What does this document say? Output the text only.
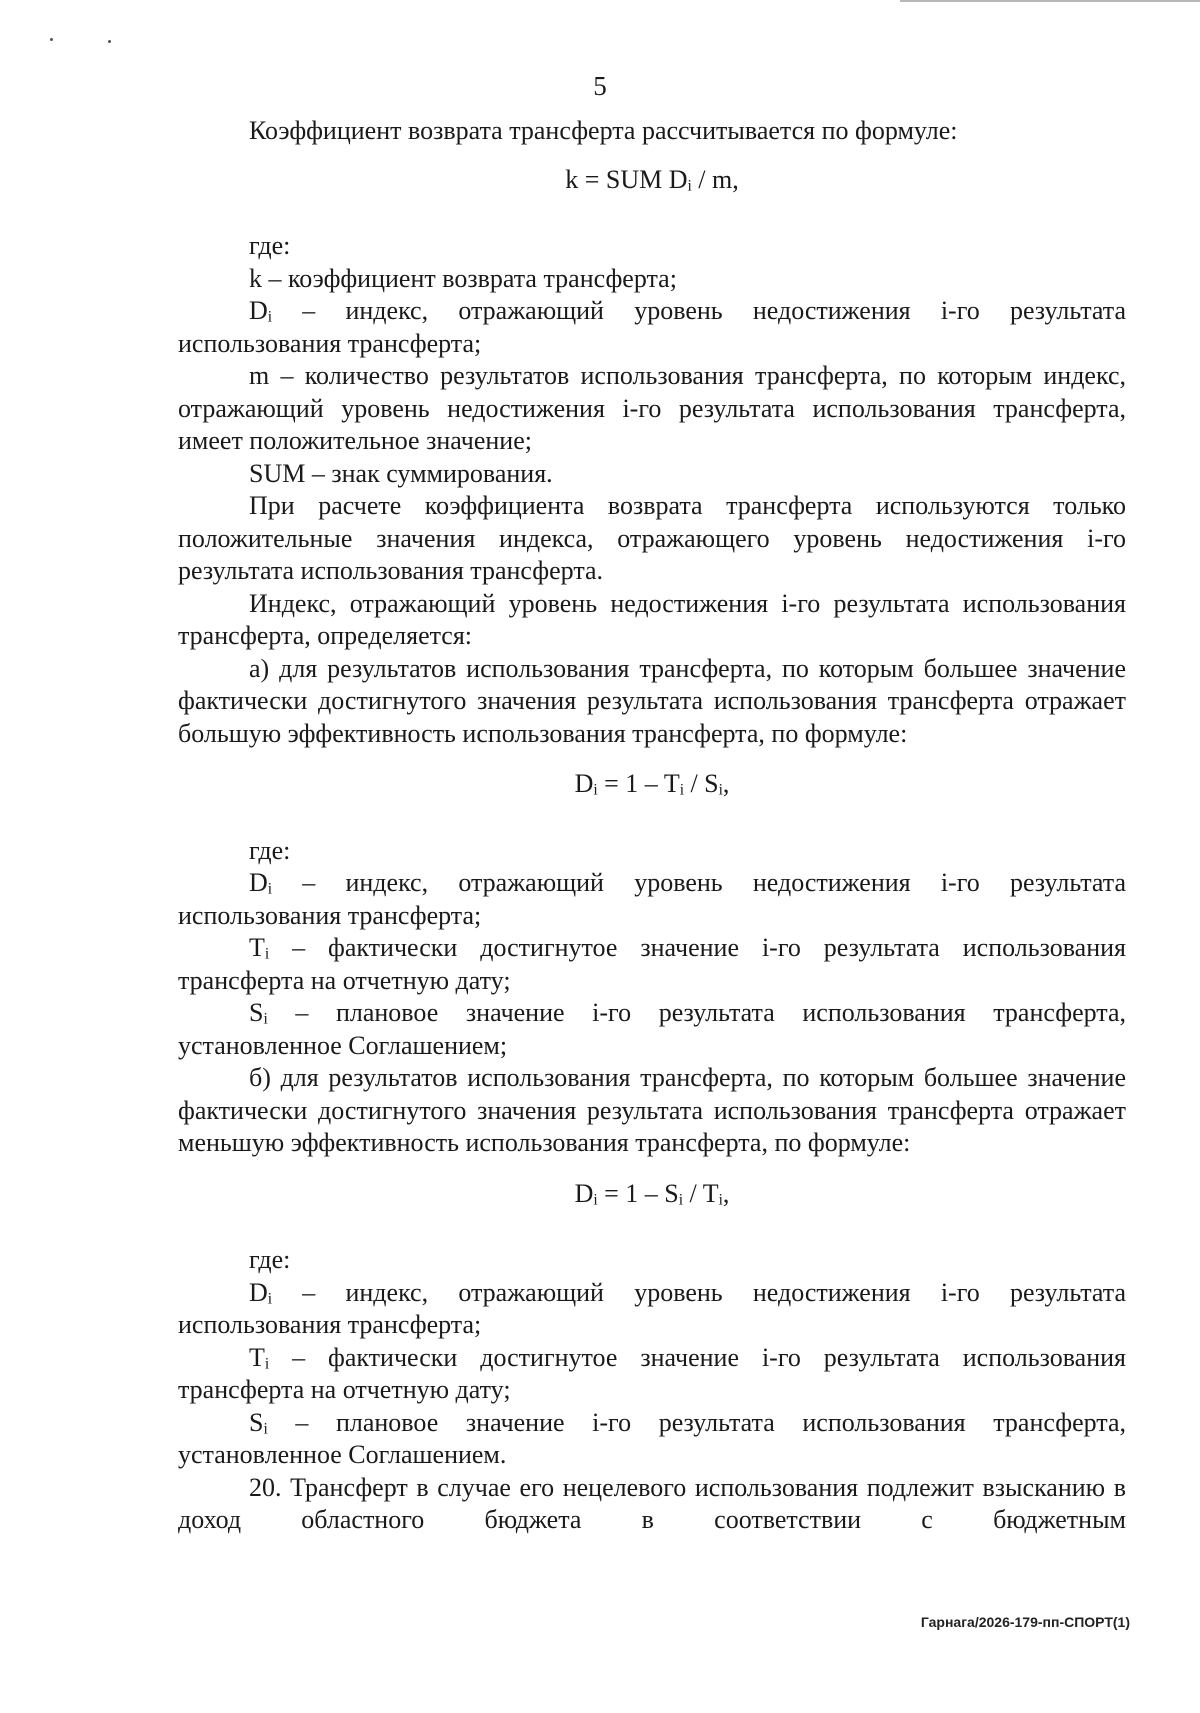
5

Коэффициент возврата трансферта рассчитывается по формуле:

k = SUM Dᵢ / m,

где:

k – коэффициент возврата трансферта;

Dᵢ – индекс, отражающий уровень недостижения i-го результата использования трансферта;

m – количество результатов использования трансферта, по которым индекс, отражающий уровень недостижения i-го результата использования трансферта, имеет положительное значение;

SUM – знак суммирования.

При расчете коэффициента возврата трансферта используются только положительные значения индекса, отражающего уровень недостижения i-го результата использования трансферта.

Индекс, отражающий уровень недостижения i-го результата использования трансферта, определяется:

а) для результатов использования трансферта, по которым большее значение фактически достигнутого значения результата использования трансферта отражает большую эффективность использования трансферта, по формуле:

Dᵢ = 1 – Tᵢ / Sᵢ,

где:

Dᵢ – индекс, отражающий уровень недостижения i-го результата использования трансферта;

Tᵢ – фактически достигнутое значение i-го результата использования трансферта на отчетную дату;

Sᵢ – плановое значение i-го результата использования трансферта, установленное Соглашением;

б) для результатов использования трансферта, по которым большее значение фактически достигнутого значения результата использования трансферта отражает меньшую эффективность использования трансферта, по формуле:

Dᵢ = 1 – Sᵢ / Tᵢ,

где:

Dᵢ – индекс, отражающий уровень недостижения i-го результата использования трансферта;

Tᵢ – фактически достигнутое значение i-го результата использования трансферта на отчетную дату;

Sᵢ – плановое значение i-го результата использования трансферта, установленное Соглашением.

20. Трансферт в случае его нецелевого использования подлежит взысканию в доход областного бюджета в соответствии с бюджетным

Гарнага/2026-179-пп-СПОРТ(1)
